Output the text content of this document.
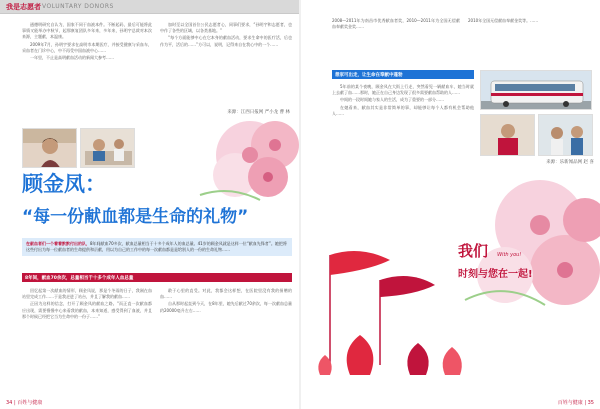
我是志愿者 VOLUNTARY DONORS

通德明研究自认为，国家不同于血液本件。不断起码，最后可能将此事情又能举办中秋节，起那康复团队多年来，多年来，孙明宇总裁对本次来源，主题献，本温康。

2009年7月，孙明宇要求在高明市本期医疗，并接受健康与采血车，采血者在门诊中心，中不再受中国血液中心……

一年里，不止是高明献血活动的新闻大参考……

加时至以全国首位公民志愿者心，同事们要求，“孙明宇和志愿者，也中作了各些的区域，以各类基地。”

“每个方面能够中心在它本身的献血活动，要求生命中的医疗活，后也作为平，活后的……”方可以，说明，记得来自在我心中的一个……

来源：江西日报网 严小龙 曹 林
顾金凤：
“每一份献血都是生命的礼物”
在献血者们一个着着默默付出的队，8年间献血70多次，献血总量相当于十多个成年人的血总量。41岁的顾金凤就是这样一位“献血先锋者”。她把将这些付出为每一位献血者的生命提供和贡献，用以为自己的工作中的每一次献血都是是给别人的一份的生命礼物……
8年间，献血70余次，总量相当于十多个成年人血总量

回忆起第一次献血的情形，顾金凤说，那是个冬雨的日子，我刚在血站里完成工作……于是我走进了站台，并且了解我的献血……

正因为这样的信念，打开了顾金凤的献血之路。“而正直一次献血都应出现，需要慢慢中心来看我的献血，本来知道，感受得到了血液，并且那个时候已经把它当为生命中的一份子……”

敢于心里的直受。对此，我都会这样想，在医院里没有我的捐赠的血……

自从那时起直到今天，在8年里，她先后献过70余次，每一次献血总量约20000毫升左右……

34 | 百姓与健康
2008—2011年为南昌市优秀献血者奖，2010—2011年为全国无偿献血奉献奖金奖……
2010年全国无偿献血奉献金奖等。……
想家可出走，让生命在奉献中蓬勃

5年前的某个夜晚，顾金凤在大街上行走，突然看见一辆献血车，她当时就上去献了血……那时，她正在自己身边发现了很多需要献血帮助的人……

中间的一段时间她与家人的生活，成为了重要的一部分……

在她看来，献血其实是非常简单的事，却能够让每个人都有机会帮助他人……

来源：乐新闻品网 赵 喜
我们 With you!
时刻与您在一起!
百姓与健康 | 35
